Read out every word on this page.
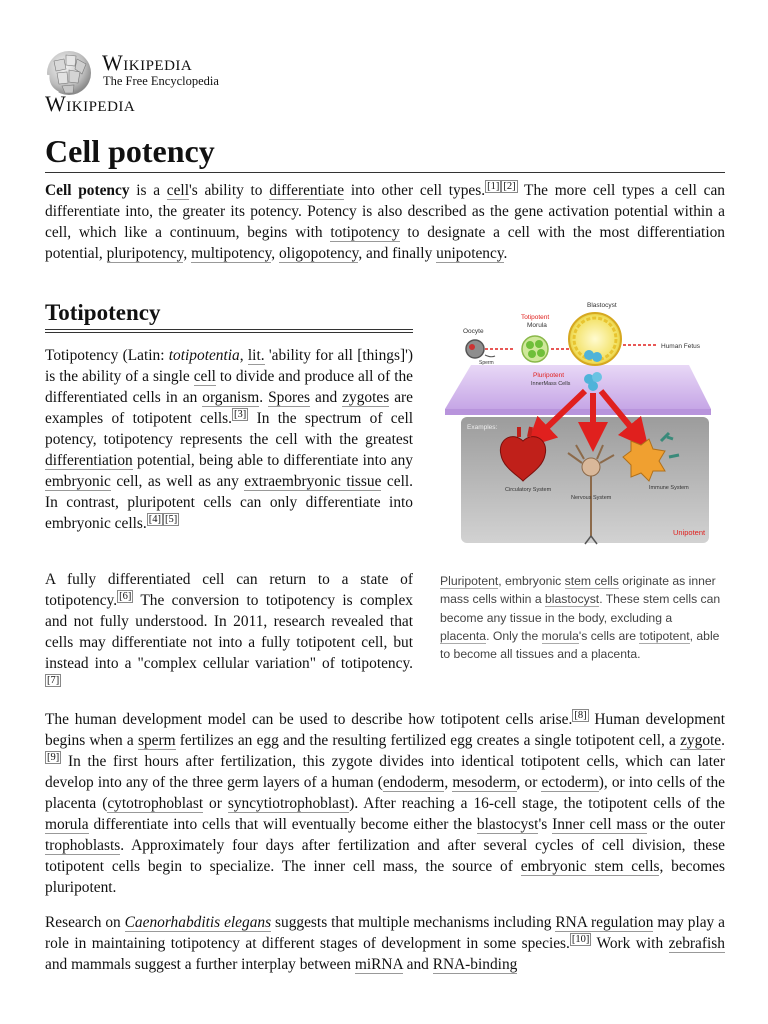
Wikipedia
The Free Encyclopedia
Wikipedia
Cell potency

Cell potency is a cell's ability to differentiate into other cell types. [1] [2] The more cell types a cell can differentiate into, the greater its potency. Potency is also described as the gene activation potential within a cell, which like a continuum, begins with totipotency to designate a cell with the most differentiation potential, pluripotency, multipotency, oligopotency, and finally unipotency.

Totipotency

Totipotency (Latin: totipotentia, lit. 'ability for all [things]') is the ability of a single cell to divide and produce all of the differentiated cells in an organism. Spores and zygotes are examples of totipotent cells. [3] In the spectrum of cell potency, totipotency represents the cell with the greatest differentiation potential, being able to differentiate into any embryonic cell, as well as any extraembryonic tissue cell. In contrast, pluripotent cells can only differentiate into embryonic cells. [4] [5]

A fully differentiated cell can return to a state of totipotency. [6] The conversion to totipotency is complex and not fully understood. In 2011, research revealed that cells may differentiate not into a fully totipotent cell, but instead into a "complex cellular variation" of totipotency.[7]

Blastocyst
Totipotent
Morula
Oocyte
Sperm
Pluripotent
InnerMass Cells
Human Fetus
Examples:
Circulatory System	Immune System
Nervous System
Unipotent

Pluripotent, embryonic stem cells originate as inner mass cells within a blastocyst. These stem cells can become any tissue in the body, excluding a placenta. Only the morula's cells are totipotent, able to become all tissues and a placenta.

The human development model can be used to describe how totipotent cells arise. [8] Human development begins when a sperm fertilizes an egg and the resulting fertilized egg creates a single totipotent cell, a zygote.[9] In the first hours after fertilization, this zygote divides into identical totipotent cells, which can later develop into any of the three germ layers of a human (endoderm, mesoderm, or ectoderm), or into cells of the placenta (cytotrophoblast or syncytiotrophoblast). After reaching a 16-cell stage, the totipotent cells of the morula differentiate into cells that will eventually become either the blastocyst's Inner cell mass or the outer trophoblasts. Approximately four days after fertilization and after several cycles of cell division, these totipotent cells begin to specialize. The inner cell mass, the source of embryonic stem cells, becomes pluripotent.

Research on Caenorhabditis elegans suggests that multiple mechanisms including RNA regulation may play a role in maintaining totipotency at different stages of development in some species. [10] Work with zebrafish and mammals suggest a further interplay between miRNA and RNA-binding
